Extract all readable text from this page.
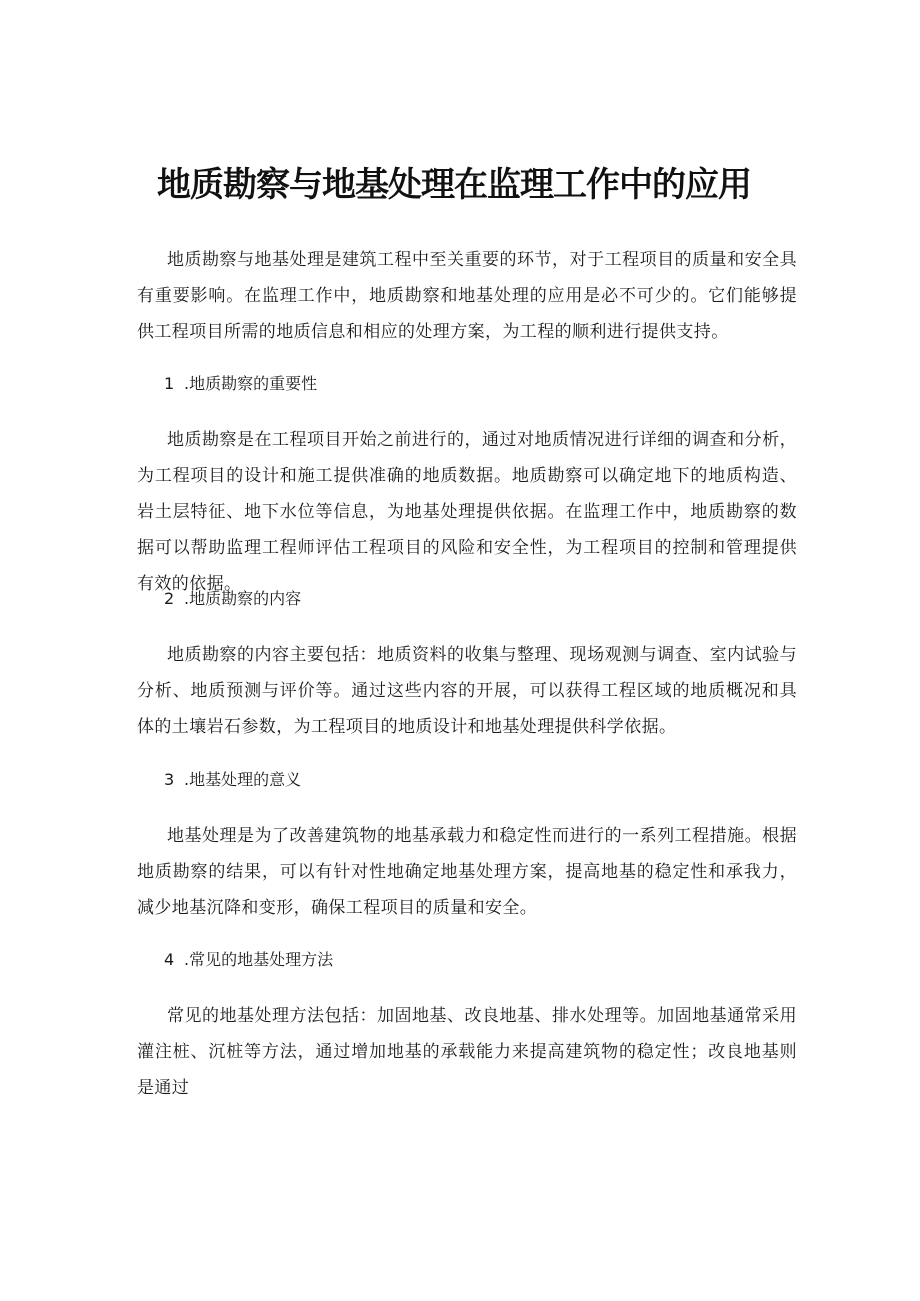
地质勘察与地基处理在监理工作中的应用

地质勘察与地基处理是建筑工程中至关重要的环节，对于工程项目的质量和安全具有重要影响。在监理工作中，地质勘察和地基处理的应用是必不可少的。它们能够提供工程项目所需的地质信息和相应的处理方案，为工程的顺利进行提供支持。

1 .地质勘察的重要性

地质勘察是在工程项目开始之前进行的，通过对地质情况进行详细的调查和分析，为工程项目的设计和施工提供准确的地质数据。地质勘察可以确定地下的地质构造、岩土层特征、地下水位等信息，为地基处理提供依据。在监理工作中，地质勘察的数据可以帮助监理工程师评估工程项目的风险和安全性，为工程项目的控制和管理提供有效的依据。

2 .地质勘察的内容

地质勘察的内容主要包括：地质资料的收集与整理、现场观测与调查、室内试验与分析、地质预测与评价等。通过这些内容的开展，可以获得工程区域的地质概况和具体的土壤岩石参数，为工程项目的地质设计和地基处理提供科学依据。

3 .地基处理的意义

地基处理是为了改善建筑物的地基承载力和稳定性而进行的一系列工程措施。根据地质勘察的结果，可以有针对性地确定地基处理方案，提高地基的稳定性和承我力，减少地基沉降和变形，确保工程项目的质量和安全。

4 .常见的地基处理方法

常见的地基处理方法包括：加固地基、改良地基、排水处理等。加固地基通常采用灌注桩、沉桩等方法，通过增加地基的承载能力来提高建筑物的稳定性；改良地基则是通过
